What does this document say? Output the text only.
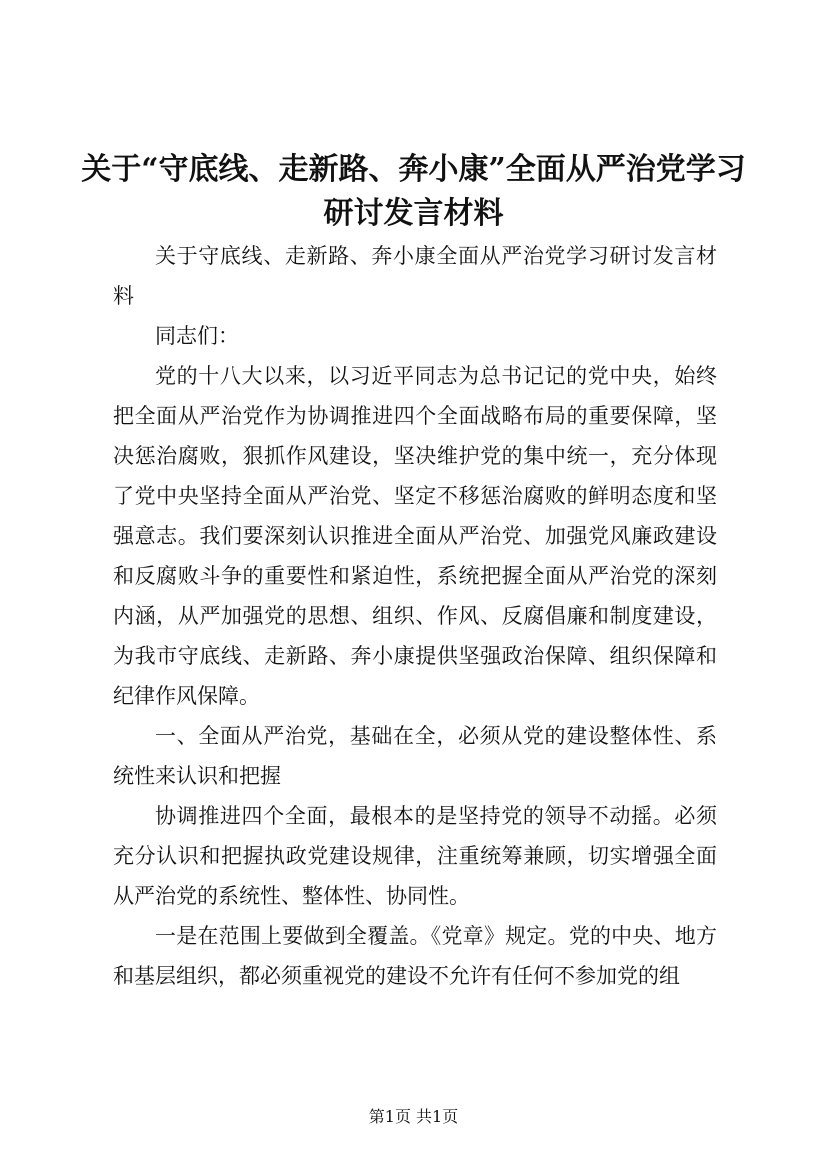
关于“守底线、走新路、奔小康”全面从严治党学习研讨发言材料

关于守底线、走新路、奔小康全面从严治党学习研讨发言材料

同志们：

党的十八大以来，以习近平同志为总书记记的党中央，始终把全面从严治党作为协调推进四个全面战略布局的重要保障，坚决惩治腐败，狠抓作风建设，坚决维护党的集中统一，充分体现了党中央坚持全面从严治党、坚定不移惩治腐败的鲜明态度和坚强意志。我们要深刻认识推进全面从严治党、加强党风廉政建设和反腐败斗争的重要性和紧迫性，系统把握全面从严治党的深刻内涵，从严加强党的思想、组织、作风、反腐倡廉和制度建设，为我市守底线、走新路、奔小康提供坚强政治保障、组织保障和纪律作风保障。

一、全面从严治党，基础在全，必须从党的建设整体性、系统性来认识和把握

协调推进四个全面，最根本的是坚持党的领导不动摇。必须充分认识和把握执政党建设规律，注重统筹兼顾，切实增强全面从严治党的系统性、整体性、协同性。

一是在范围上要做到全覆盖。《党章》规定。党的中央、地方和基层组织，都必须重视党的建设不允许有任何不参加党的组

第1页 共1页
